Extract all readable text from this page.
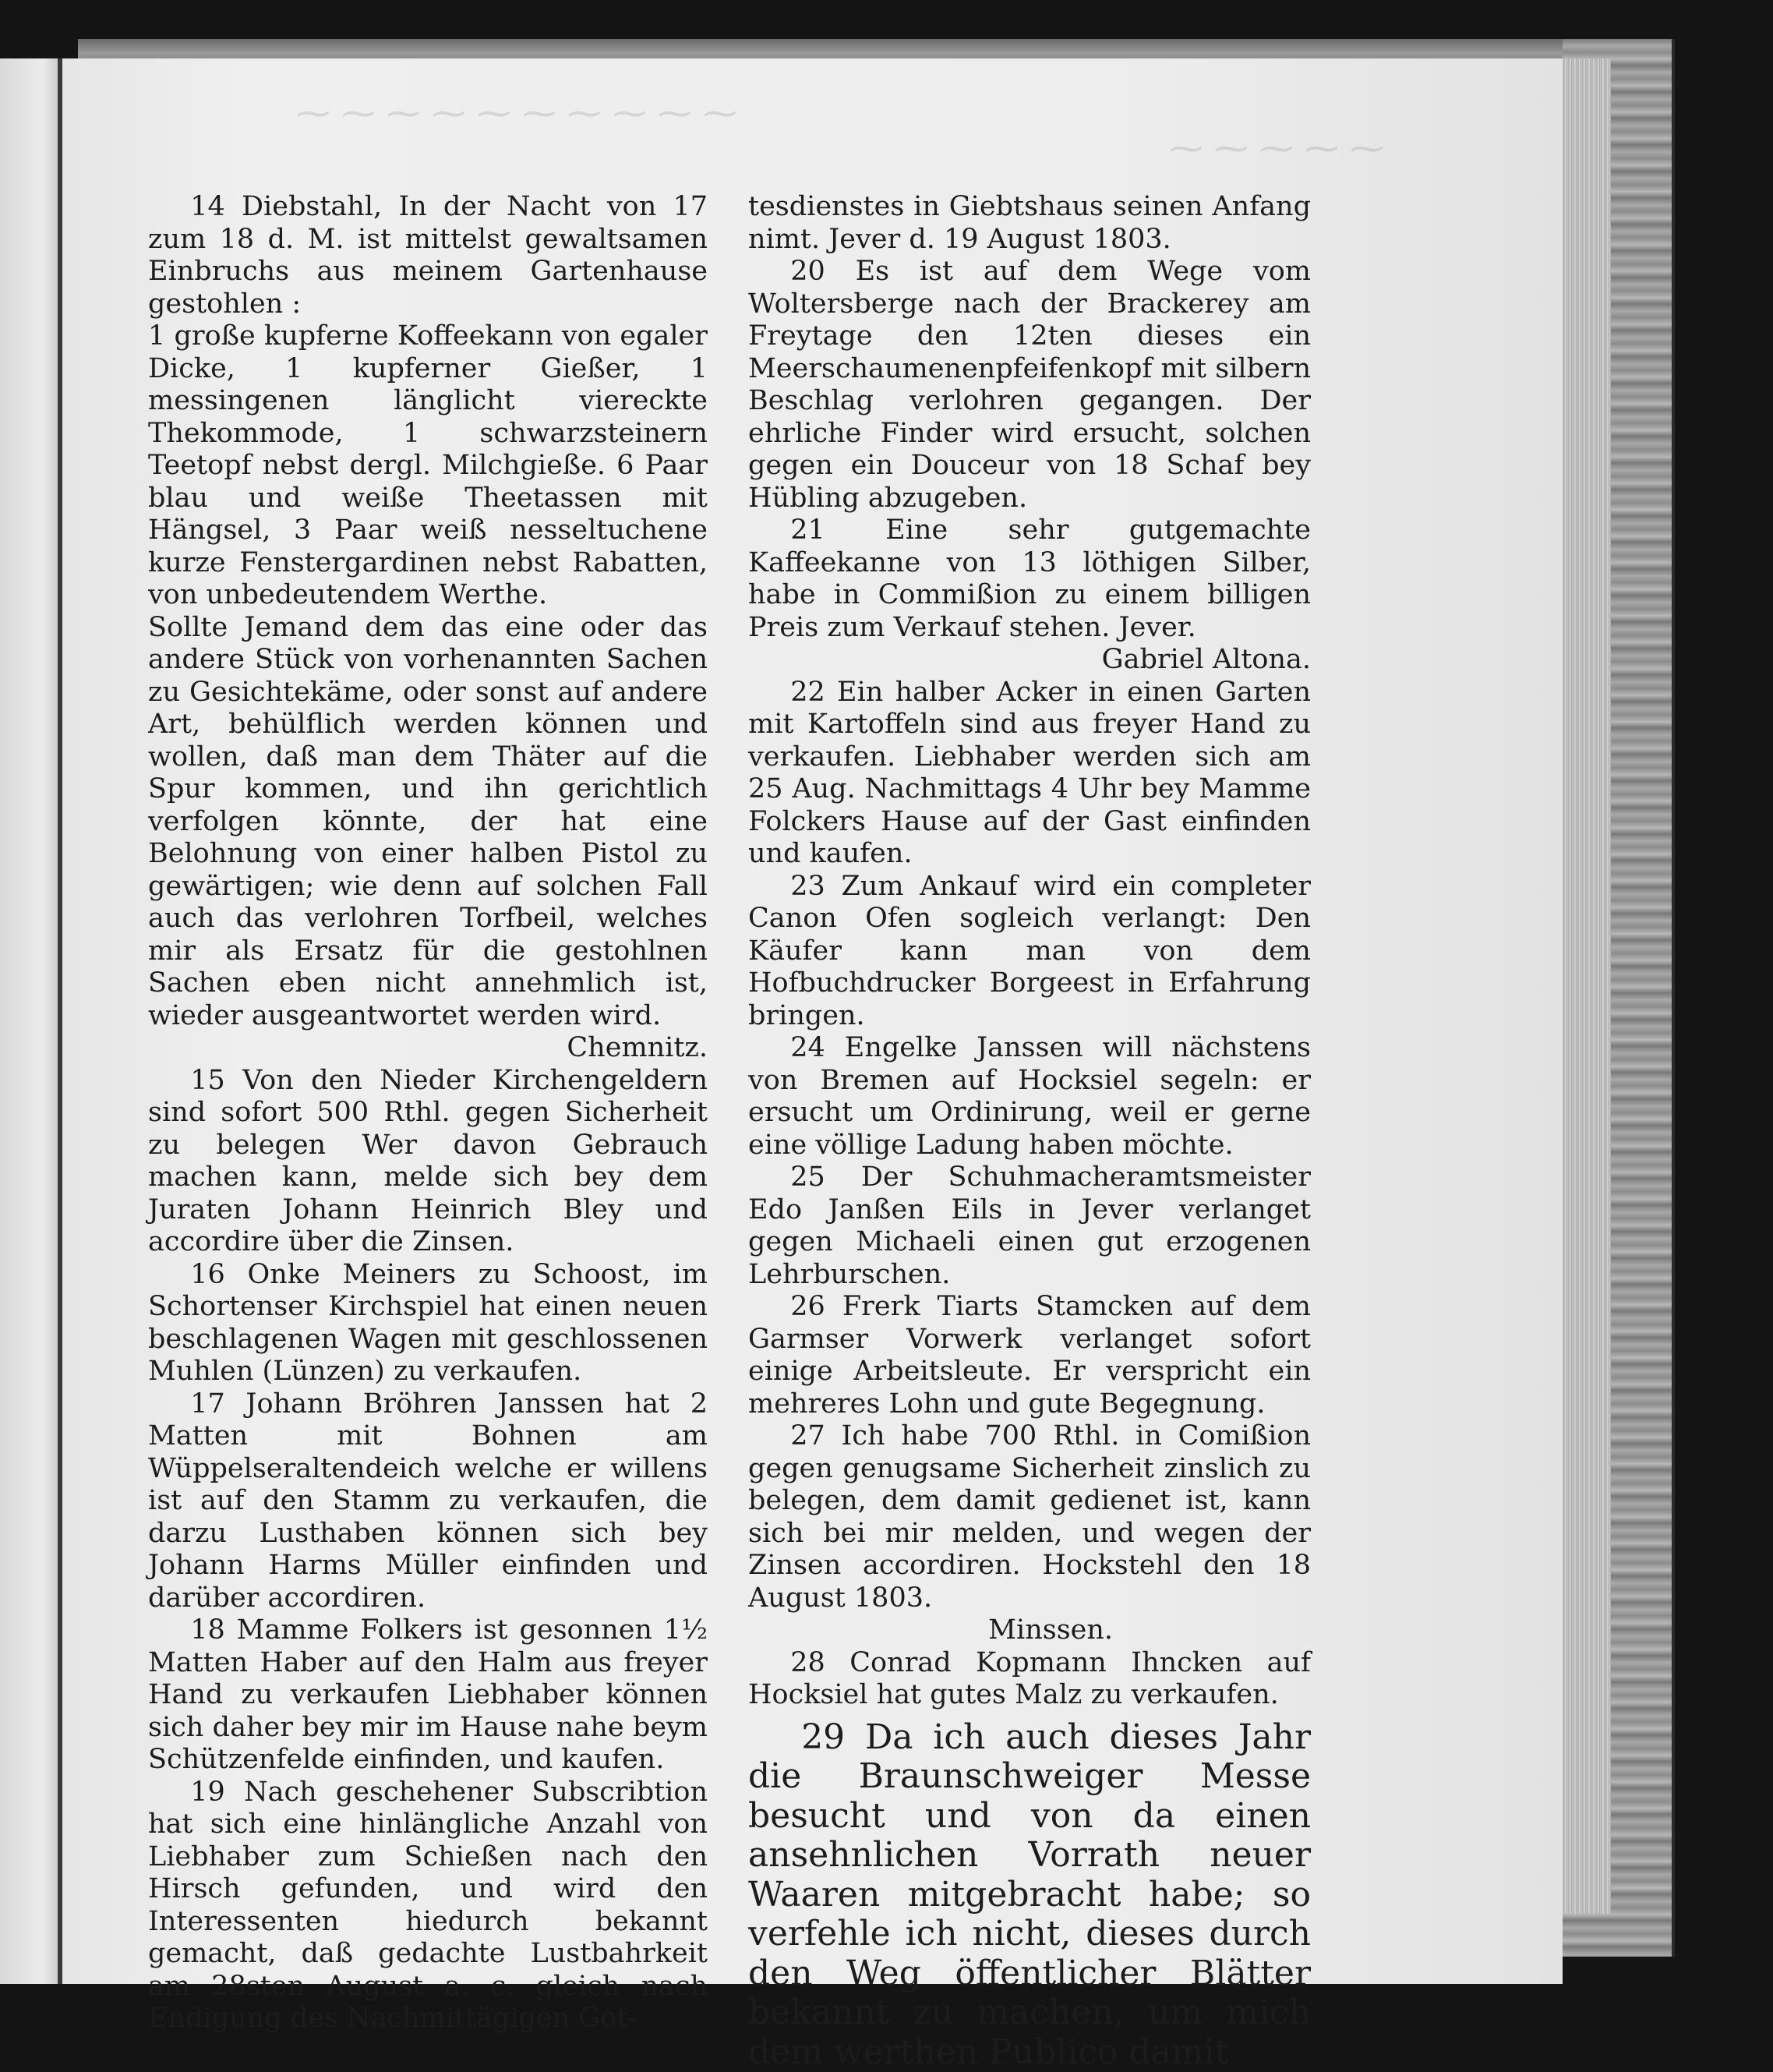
⁓ ⁓ ⁓ ⁓ ⁓ ⁓ ⁓ ⁓ ⁓ ⁓
⁓ ⁓ ⁓ ⁓ ⁓

14 Diebstahl, In der Nacht von 17 zum 18 d. M. ist mittelst gewaltsamen Einbruchs aus meinem Gartenhause gestohlen :

1 große kupferne Koffeekann von egaler Dicke, 1 kupferner Gießer, 1 messingenen länglicht viereckte Thekommode, 1 schwarzsteinern Teetopf nebst dergl. Milchgieße. 6 Paar blau und weiße Theetassen mit Hängsel, 3 Paar weiß nesseltuchene kurze Fenstergardinen nebst Rabatten, von unbedeutendem Werthe.

Sollte Jemand dem das eine oder das andere Stück von vorhenannten Sachen zu Gesichtekäme, oder sonst auf andere Art, behülflich werden können und wollen, daß man dem Thäter auf die Spur kommen, und ihn gerichtlich verfolgen könnte, der hat eine Belohnung von einer halben Pistol zu gewärtigen; wie denn auf solchen Fall auch das verlohren Torfbeil, welches mir als Ersatz für die gestohlnen Sachen eben nicht annehmlich ist, wieder ausgeantwortet werden wird.
Chemnitz.

15 Von den Nieder Kirchengeldern sind sofort 500 Rthl. gegen Sicherheit zu belegen Wer davon Gebrauch machen kann, melde sich bey dem Juraten Johann Heinrich Bley und accordire über die Zinsen.

16 Onke Meiners zu Schoost, im Schortenser Kirchspiel hat einen neuen beschlagenen Wagen mit geschlossenen Muhlen (Lünzen) zu verkaufen.

17 Johann Bröhren Janssen hat 2 Matten mit Bohnen am Wüppelseraltendeich welche er willens ist auf den Stamm zu verkaufen, die darzu Lusthaben können sich bey Johann Harms Müller einfinden und darüber accordiren.

18 Mamme Folkers ist gesonnen 1½ Matten Haber auf den Halm aus freyer Hand zu verkaufen Liebhaber können sich daher bey mir im Hause nahe beym Schützenfelde einfinden, und kaufen.

19 Nach geschehener Subscribtion hat sich eine hinlängliche Anzahl von Liebhaber zum Schießen nach den Hirsch gefunden, und wird den Interessenten hiedurch bekannt gemacht, daß gedachte Lustbahrkeit am 28sten August a. c. gleich nach Endigung des Nachmittägigen Got-

tesdienstes in Giebtshaus seinen Anfang nimt. Jever d. 19 August 1803.

20 Es ist auf dem Wege vom Woltersberge nach der Brackerey am Freytage den 12ten dieses ein Meerschaumenenpfeifenkopf mit silbern Beschlag verlohren gegangen. Der ehrliche Finder wird ersucht, solchen gegen ein Douceur von 18 Schaf bey Hübling abzugeben.

21 Eine sehr gutgemachte Kaffeekanne von 13 löthigen Silber, habe in Commißion zu einem billigen Preis zum Verkauf stehen. Jever.
Gabriel Altona.

22 Ein halber Acker in einen Garten mit Kartoffeln sind aus freyer Hand zu verkaufen. Liebhaber werden sich am 25 Aug. Nachmittags 4 Uhr bey Mamme Folckers Hause auf der Gast einfinden und kaufen.

23 Zum Ankauf wird ein completer Canon Ofen sogleich verlangt: Den Käufer kann man von dem Hofbuchdrucker Borgeest in Erfahrung bringen.

24 Engelke Janssen will nächstens von Bremen auf Hocksiel segeln: er ersucht um Ordinirung, weil er gerne eine völlige Ladung haben möchte.

25 Der Schuhmacheramtsmeister Edo Janßen Eils in Jever verlanget gegen Michaeli einen gut erzogenen Lehrburschen.

26 Frerk Tiarts Stamcken auf dem Garmser Vorwerk verlanget sofort einige Arbeitsleute. Er verspricht ein mehreres Lohn und gute Begegnung.

27 Ich habe 700 Rthl. in Comißion gegen genugsame Sicherheit zinslich zu belegen, dem damit gedienet ist, kann sich bei mir melden, und wegen der Zinsen accordiren. Hockstehl den 18 August 1803.
Minssen.

28 Conrad Kopmann Ihncken auf Hocksiel hat gutes Malz zu verkaufen.

29 Da ich auch dieses Jahr die Braunschweiger Messe besucht und von da einen ansehnlichen Vorrath neuer Waaren mitgebracht habe; so verfehle ich nicht, dieses durch den Weg öffentlicher Blätter bekannt zu machen, um mich dem werthen Publico damit
